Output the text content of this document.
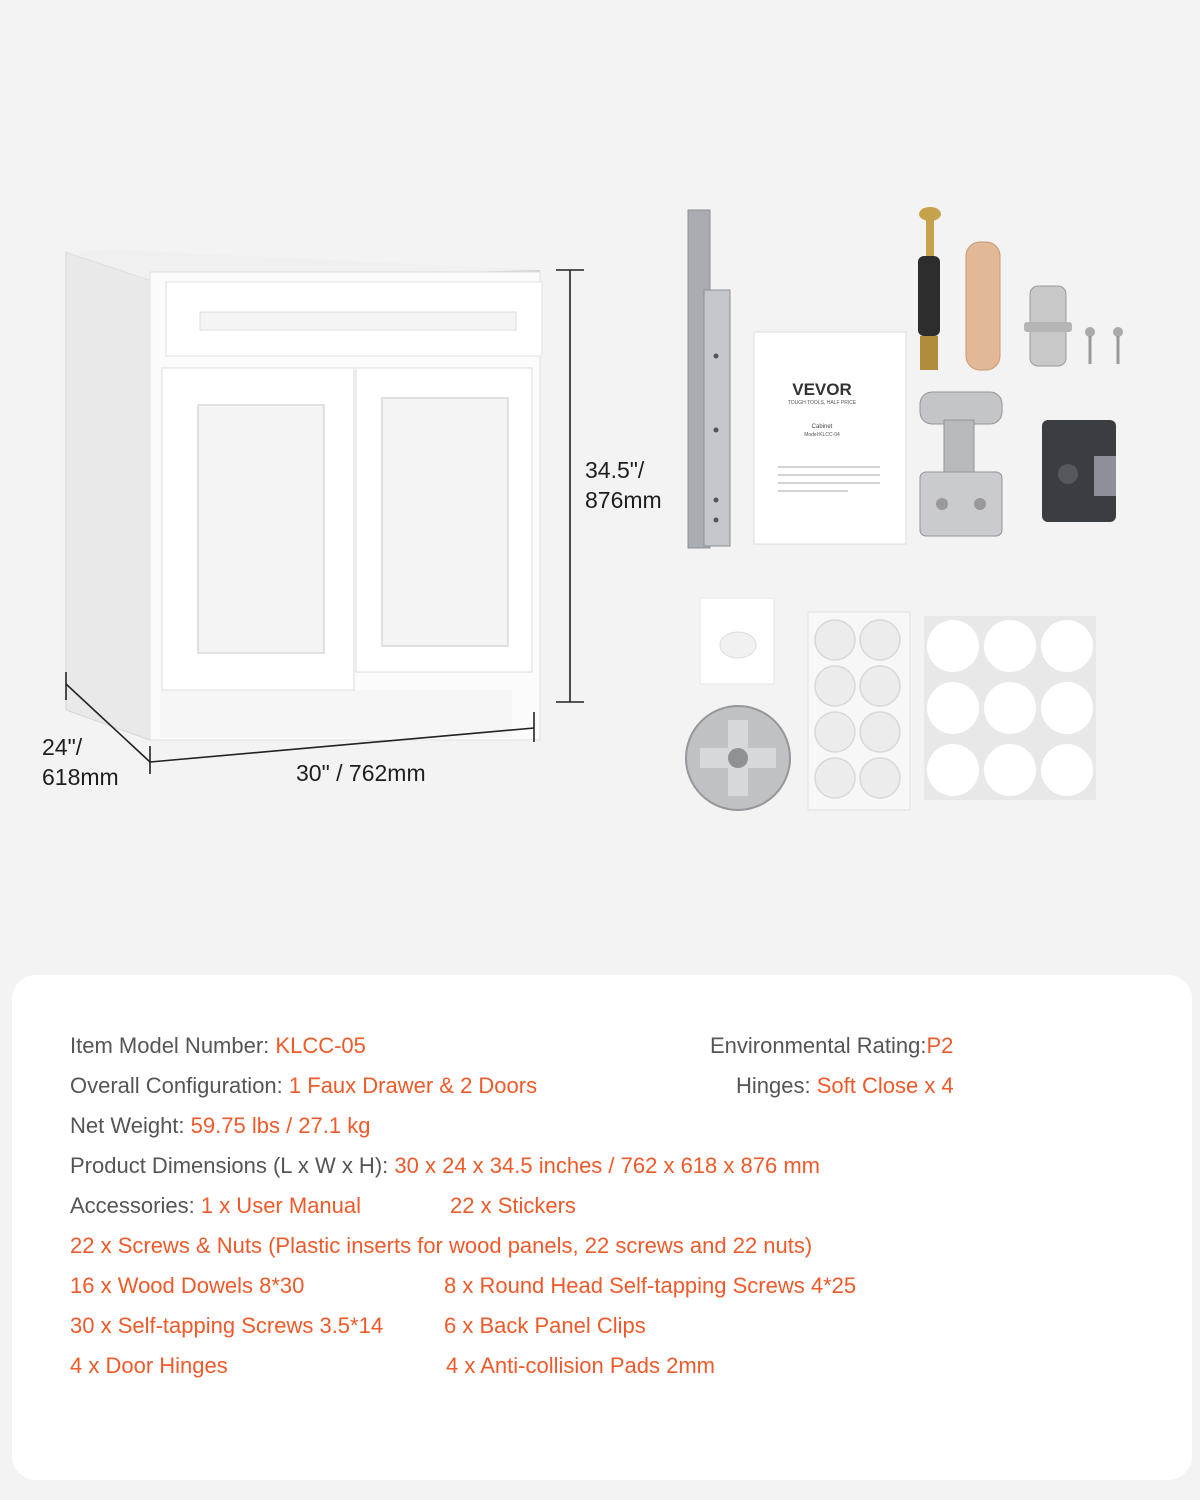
VEVOR
TOUGH TOOLS, HALF PRICE
Cabinet
Model:KLCC-04
34.5"/
876mm
24"/
618mm	30" / 762mm
Item Model Number: KLCC-05	Environmental Rating:P2
Overall Configuration: 1 Faux Drawer & 2 Doors	Hinges: Soft Close x 4
Net Weight: 59.75 lbs / 27.1 kg
Product Dimensions (L x W x H): 30 x 24 x 34.5 inches / 762 x 618 x 876 mm
Accessories: 1 x User Manual	22 x Stickers
22 x Screws & Nuts (Plastic inserts for wood panels, 22 screws and 22 nuts)
16 x Wood Dowels 8*30	8 x Round Head Self-tapping Screws 4*25
30 x Self-tapping Screws 3.5*14	6 x Back Panel Clips
4 x Door Hinges	4 x Anti-collision Pads 2mm
